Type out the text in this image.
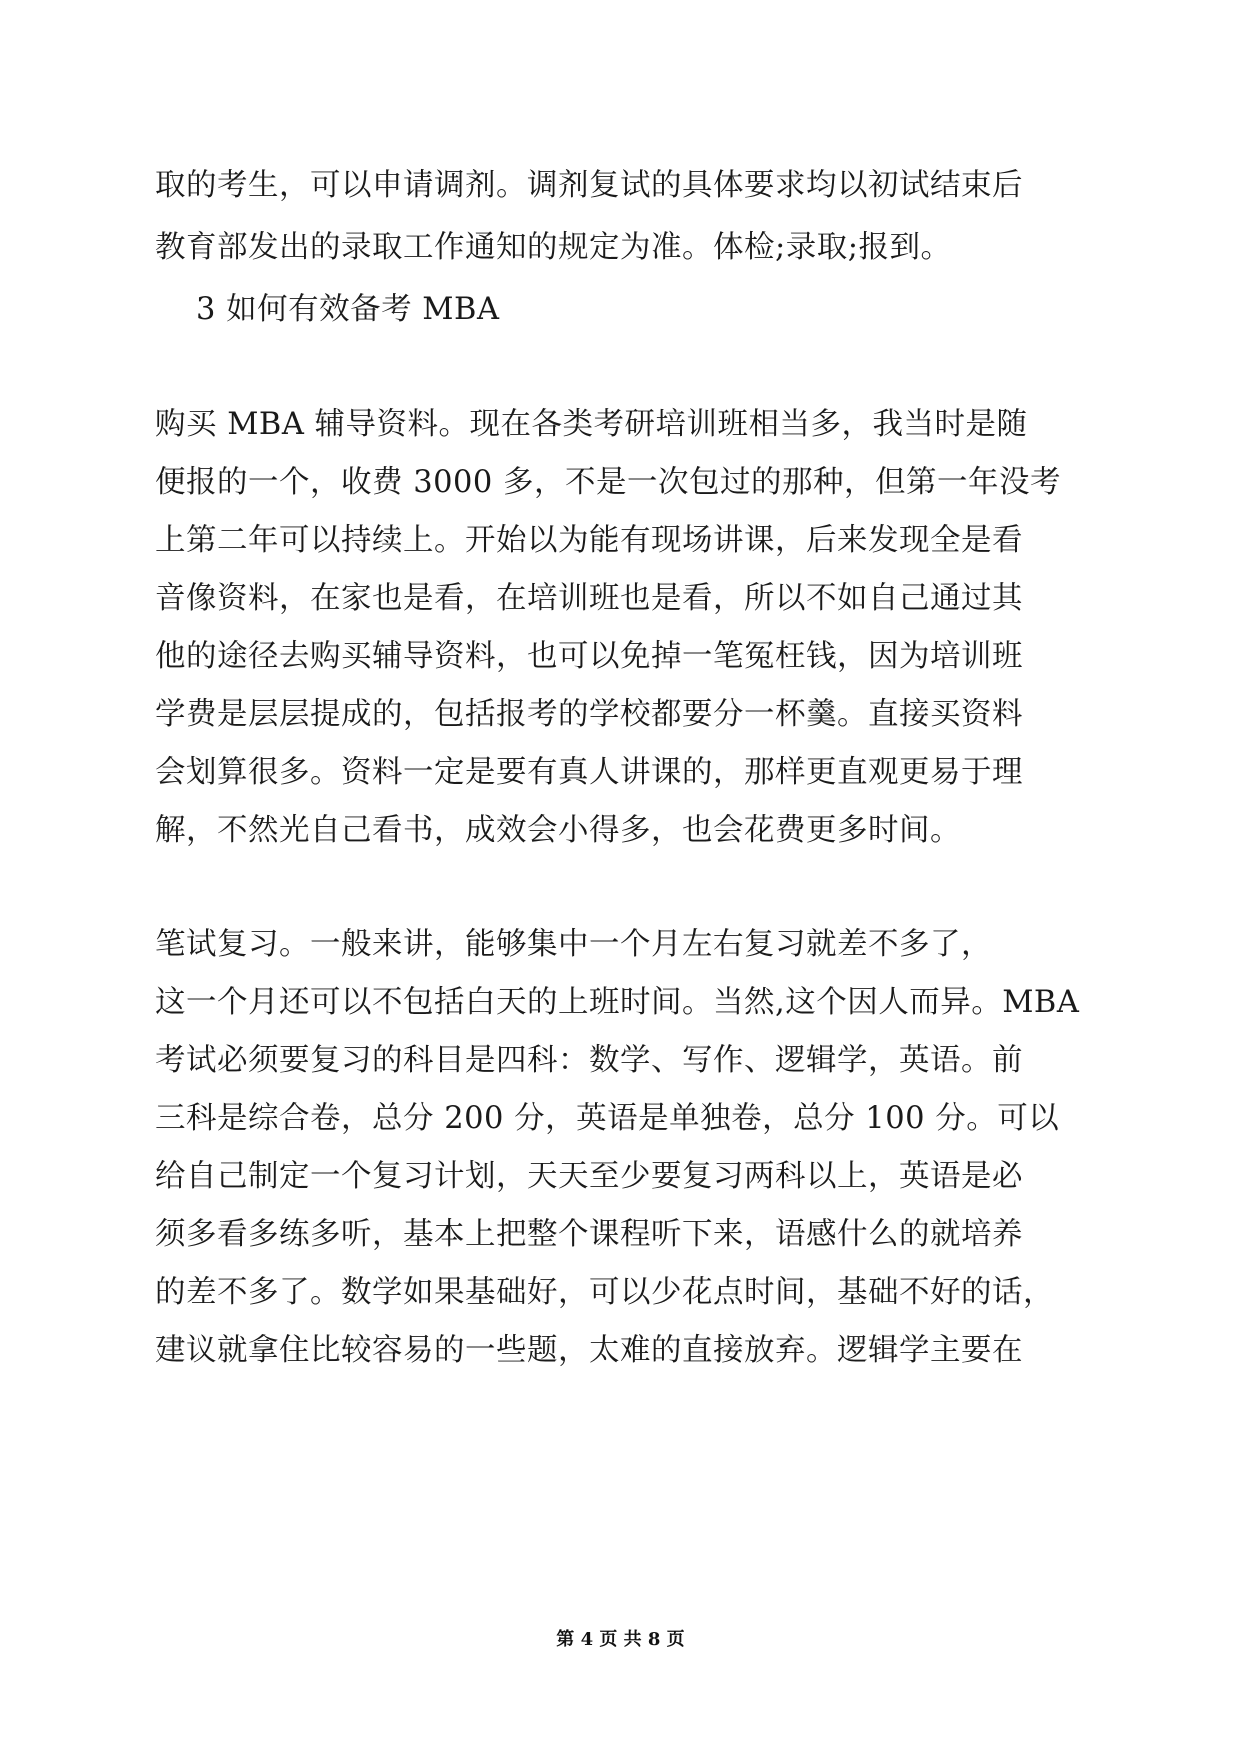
取的考生，可以申请调剂。调剂复试的具体要求均以初试结束后
教育部发出的录取工作通知的规定为准。体检;录取;报到。
3 如何有效备考 MBA
购买 MBA 辅导资料。现在各类考研培训班相当多，我当时是随
便报的一个，收费 3000 多，不是一次包过的那种，但第一年没考
上第二年可以持续上。开始以为能有现场讲课，后来发现全是看
音像资料，在家也是看，在培训班也是看，所以不如自己通过其
他的途径去购买辅导资料，也可以免掉一笔冤枉钱，因为培训班
学费是层层提成的，包括报考的学校都要分一杯羹。直接买资料
会划算很多。资料一定是要有真人讲课的，那样更直观更易于理
解，不然光自己看书，成效会小得多，也会花费更多时间。
笔试复习。一般来讲，能够集中一个月左右复习就差不多了，
这一个月还可以不包括白天的上班时间。当然,这个因人而异。MBA
考试必须要复习的科目是四科：数学、写作、逻辑学，英语。前
三科是综合卷，总分 200 分，英语是单独卷，总分 100 分。可以
给自己制定一个复习计划，天天至少要复习两科以上，英语是必
须多看多练多听，基本上把整个课程听下来，语感什么的就培养
的差不多了。数学如果基础好，可以少花点时间，基础不好的话，
建议就拿住比较容易的一些题，太难的直接放弃。逻辑学主要在
第 4 页 共 8 页
